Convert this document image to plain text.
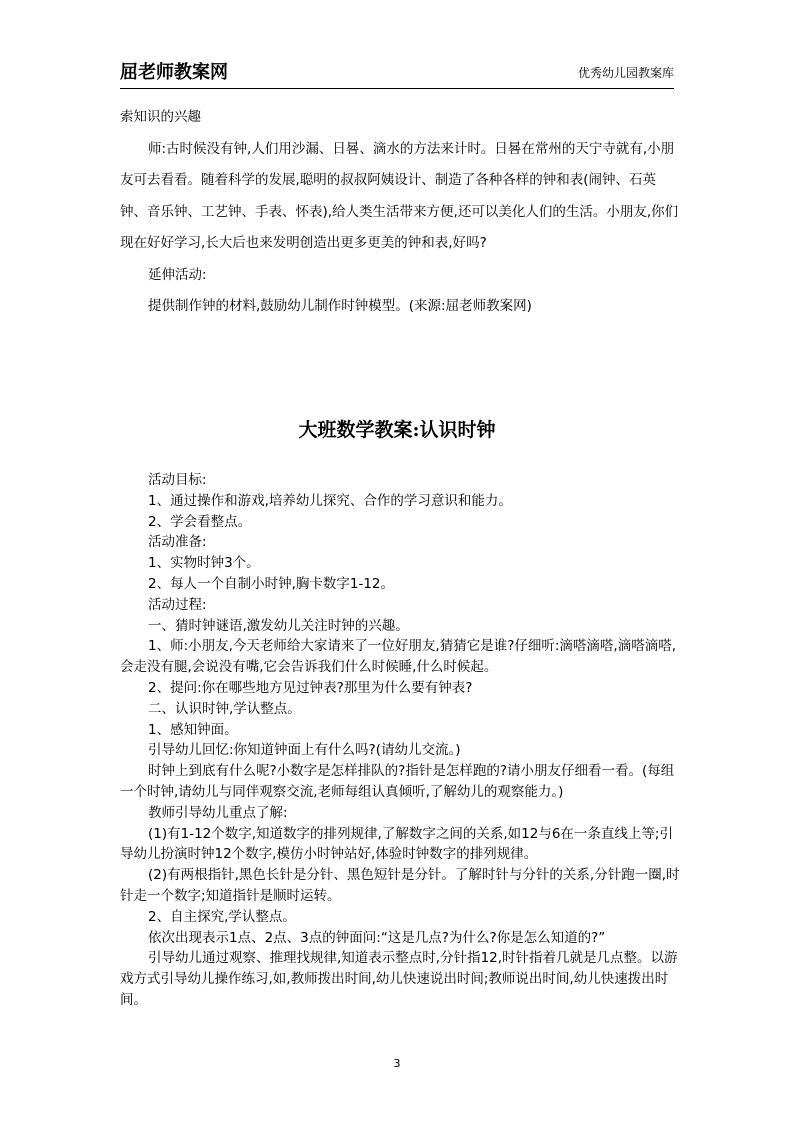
屈老师教案网	优秀幼儿园教案库

索知识的兴趣

师:古时候没有钟,人们用沙漏、日晷、滴水的方法来计时。日晷在常州的天宁寺就有,小朋友可去看看。随着科学的发展,聪明的叔叔阿姨设计、制造了各种各样的钟和表(闹钟、石英钟、音乐钟、工艺钟、手表、怀表),给人类生活带来方便,还可以美化人们的生活。小朋友,你们现在好好学习,长大后也来发明创造出更多更美的钟和表,好吗?

延伸活动:

提供制作钟的材料,鼓励幼儿制作时钟模型。(来源:屈老师教案网)

大班数学教案:认识时钟

活动目标:

1、通过操作和游戏,培养幼儿探究、合作的学习意识和能力。

2、学会看整点。

活动准备:

1、实物时钟3个。

2、每人一个自制小时钟,胸卡数字1-12。

活动过程:

一、猜时钟谜语,激发幼儿关注时钟的兴趣。

1、师:小朋友,今天老师给大家请来了一位好朋友,猜猜它是谁?仔细听:滴嗒滴嗒,滴嗒滴嗒,会走没有腿,会说没有嘴,它会告诉我们什么时候睡,什么时候起。

2、提问:你在哪些地方见过钟表?那里为什么要有钟表?

二、认识时钟,学认整点。

1、感知钟面。

引导幼儿回忆:你知道钟面上有什么吗?(请幼儿交流。)

时钟上到底有什么呢?小数字是怎样排队的?指针是怎样跑的?请小朋友仔细看一看。(每组一个时钟,请幼儿与同伴观察交流,老师每组认真倾听,了解幼儿的观察能力。)

教师引导幼儿重点了解:

(1)有1-12个数字,知道数字的排列规律,了解数字之间的关系,如12与6在一条直线上等;引导幼儿扮演时钟12个数字,模仿小时钟站好,体验时钟数字的排列规律。

(2)有两根指针,黑色长针是分针、黑色短针是分针。了解时针与分针的关系,分针跑一圈,时针走一个数字;知道指针是顺时运转。

2、自主探究,学认整点。

依次出现表示1点、2点、3点的钟面问:“这是几点?为什么?你是怎么知道的?”

引导幼儿通过观察、推理找规律,知道表示整点时,分针指12,时针指着几就是几点整。以游戏方式引导幼儿操作练习,如,教师拨出时间,幼儿快速说出时间;教师说出时间,幼儿快速拨出时间。

3
